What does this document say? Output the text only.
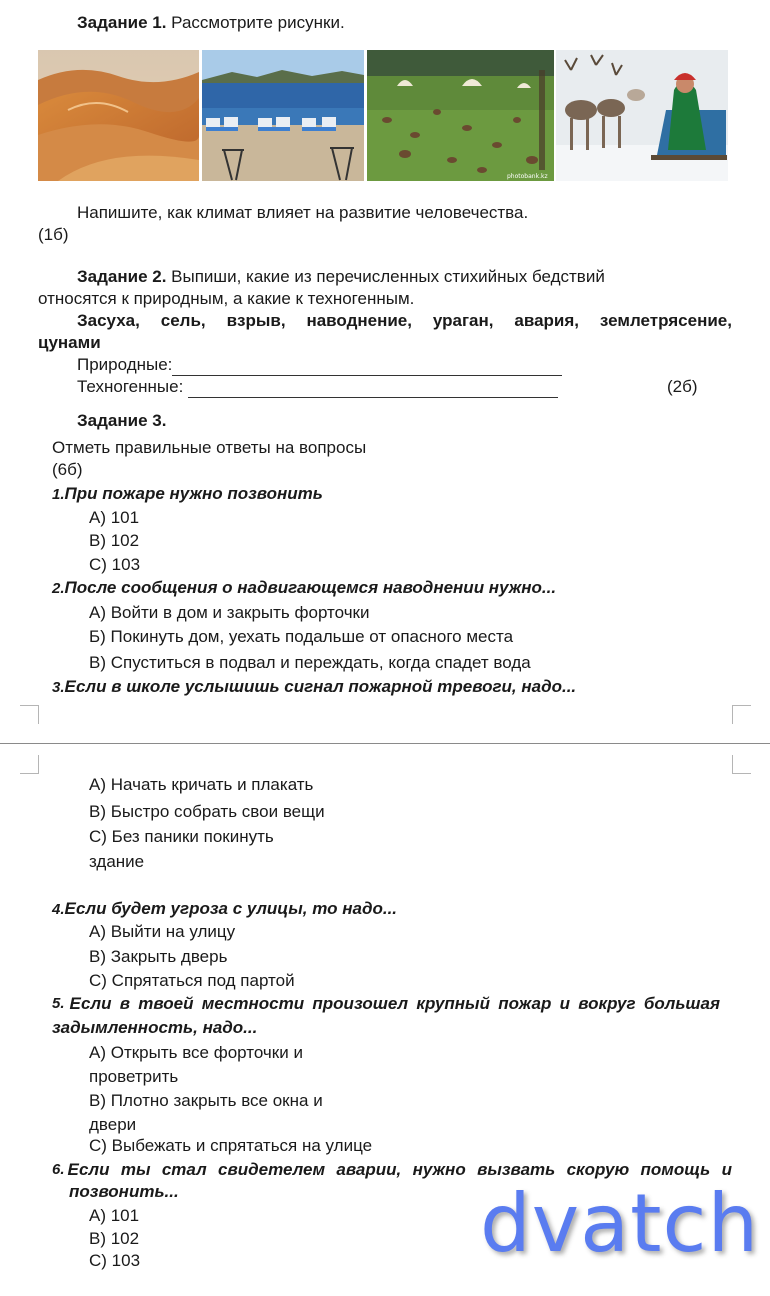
Задание 1. Рассмотрите рисунки.
photobank.kz
Напишите, как климат влияет на развитие человечества.
(1б)
Задание 2. Выпиши, какие из перечисленных стихийных бедствий
относятся к природным, а какие к техногенным.
Засуха, сель, взрыв, наводнение, ураган, авария, землетрясение,
цунами
Природные:
Техногенные:	(2б)
Задание 3.
Отметь правильные ответы на вопросы
(6б)
1.При пожаре нужно позвонить
А) 101
В) 102
С) 103
2.После сообщения о надвигающемся наводнении нужно...
А) Войти в дом и закрыть форточки
Б) Покинуть дом, уехать подальше от опасного места
В) Спуститься в подвал и переждать, когда спадет вода
3.Если в школе услышишь сигнал пожарной тревоги, надо...
А) Начать кричать и плакать
В) Быстро собрать свои вещи
С) Без паники покинуть
здание
4.Если будет угроза с улицы, то надо...
А) Выйти на улицу
В) Закрыть дверь
С) Спрятаться под партой
5. Если в твоей местности произошел крупный пожар и вокруг большая
задымленность, надо...
А) Открыть все форточки и
проветрить
В) Плотно закрыть все окна и
двери
С) Выбежать и спрятаться на улице
6. Если ты стал свидетелем аварии, нужно вызвать скорую помощь и
позвонить...
А) 101
В) 102
С) 103	dvatch
